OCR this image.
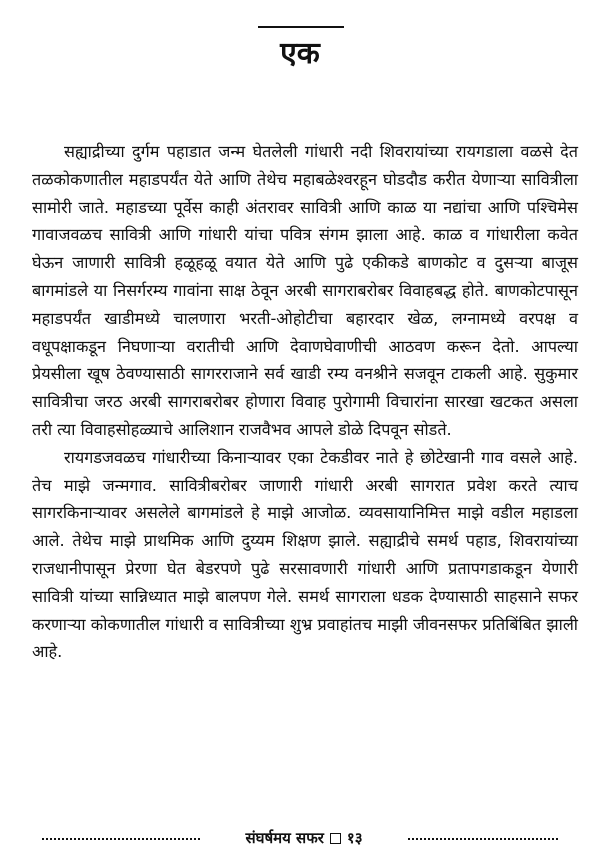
एक

सह्याद्रीच्या दुर्गम पहाडात जन्म घेतलेली गांधारी नदी शिवरायांच्या रायगडाला वळसे देत तळकोकणातील महाडपर्यंत येते आणि तेथेच महाबळेश्वरहून घोडदौड करीत येणाऱ्या सावित्रीला सामोरी जाते. महाडच्या पूर्वेस काही अंतरावर सावित्री आणि काळ या नद्यांचा आणि पश्चिमेस गावाजवळच सावित्री आणि गांधारी यांचा पवित्र संगम झाला आहे. काळ व गांधारीला कवेत घेऊन जाणारी सावित्री हळूहळू वयात येते आणि पुढे एकीकडे बाणकोट व दुसऱ्या बाजूस बागमांडले या निसर्गरम्य गावांना साक्ष ठेवून अरबी सागराबरोबर विवाहबद्ध होते. बाणकोटपासून महाडपर्यंत खाडीमध्ये चालणारा भरती-ओहोटीचा बहारदार खेळ, लग्नामध्ये वरपक्ष व वधूपक्षाकडून निघणाऱ्या वरातीची आणि देवाणघेवाणीची आठवण करून देतो. आपल्या प्रेयसीला खूष ठेवण्यासाठी सागरराजाने सर्व खाडी रम्य वनश्रीने सजवून टाकली आहे. सुकुमार सावित्रीचा जरठ अरबी सागराबरोबर होणारा विवाह पुरोगामी विचारांना सारखा खटकत असला तरी त्या विवाहसोहळ्याचे आलिशान राजवैभव आपले डोळे दिपवून सोडते.

रायगडजवळच गांधारीच्या किनाऱ्यावर एका टेकडीवर नाते हे छोटेखानी गाव वसले आहे. तेच माझे जन्मगाव. सावित्रीबरोबर जाणारी गांधारी अरबी सागरात प्रवेश करते त्याच सागरकिनाऱ्यावर असलेले बागमांडले हे माझे आजोळ. व्यवसायानिमित्त माझे वडील महाडला आले. तेथेच माझे प्राथमिक आणि दुय्यम शिक्षण झाले. सह्याद्रीचे समर्थ पहाड, शिवरायांच्या राजधानीपासून प्रेरणा घेत बेडरपणे पुढे सरसावणारी गांधारी आणि प्रतापगडाकडून येणारी सावित्री यांच्या सान्निध्यात माझे बालपण गेले. समर्थ सागराला धडक देण्यासाठी साहसाने सफर करणाऱ्या कोकणातील गांधारी व सावित्रीच्या शुभ्र प्रवाहांतच माझी जीवनसफर प्रतिबिंबित झाली आहे.

संघर्षमय सफर १३
